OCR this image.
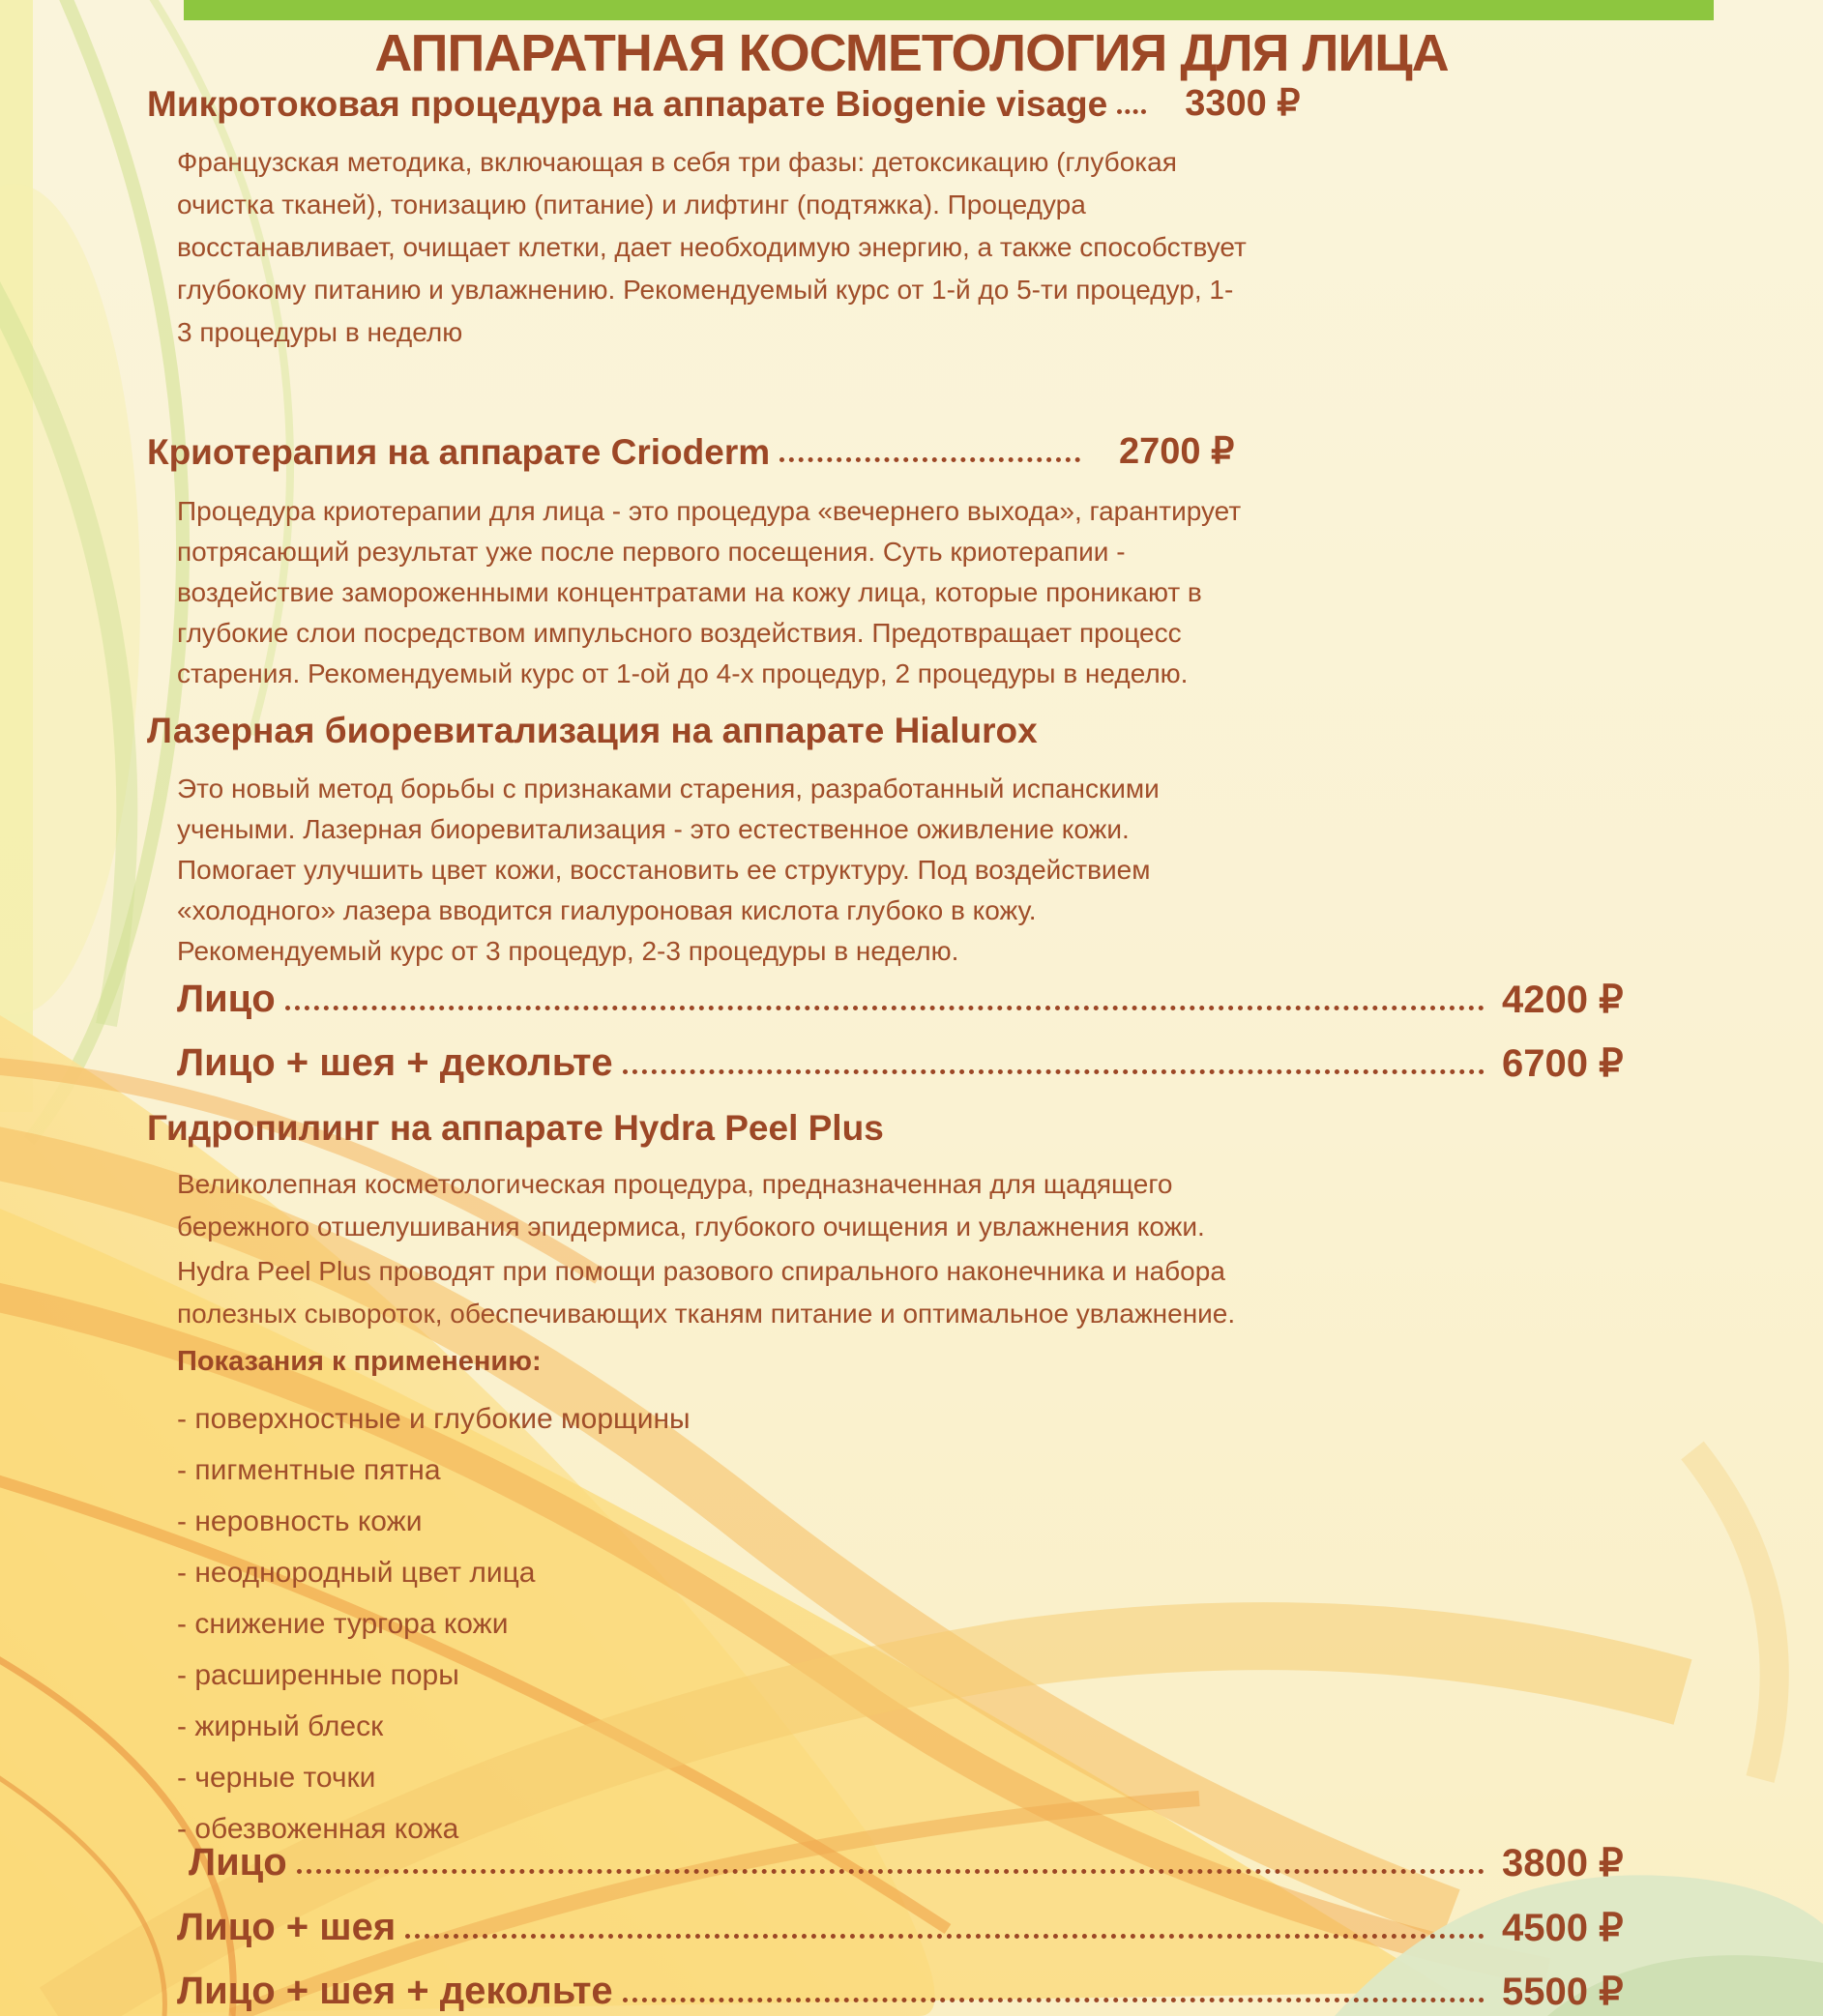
АППАРАТНАЯ КОСМЕТОЛОГИЯ ДЛЯ ЛИЦА
Микротоковая процедура на аппарате Biogenie visage 3300 ₽
Французская методика, включающая в себя три фазы: детоксикацию (глубокая
очистка тканей), тонизацию (питание) и лифтинг (подтяжка). Процедура
восстанавливает, очищает клетки, дает необходимую энергию, а также способствует
глубокому питанию и увлажнению. Рекомендуемый курс от 1-й до 5-ти процедур, 1-
3 процедуры в неделю
Криотерапия на аппарате Crioderm	2700 ₽
Процедура криотерапии для лица - это процедура «вечернего выхода», гарантирует
потрясающий результат уже после первого посещения. Суть криотерапии -
воздействие замороженными концентратами на кожу лица, которые проникают в
глубокие слои посредством импульсного воздействия. Предотвращает процесс
старения. Рекомендуемый курс от 1-ой до 4-х процедур, 2 процедуры в неделю.
Лазерная биоревитализация на аппарате Hialurox
Это новый метод борьбы с признаками старения, разработанный испанскими
учеными. Лазерная биоревитализация - это естественное оживление кожи.
Помогает улучшить цвет кожи, восстановить ее структуру. Под воздействием
«холодного» лазера вводится гиалуроновая кислота глубоко в кожу.
Рекомендуемый курс от 3 процедур, 2-3 процедуры в неделю.
Лицо	4200 ₽
Лицо + шея + декольте	6700 ₽
Гидропилинг на аппарате Hydra Peel Plus
Великолепная косметологическая процедура, предназначенная для щадящего
бережного отшелушивания эпидермиса, глубокого очищения и увлажнения кожи.
Hydra Peel Plus проводят при помощи разового спирального наконечника и набора
полезных сывороток, обеспечивающих тканям питание и оптимальное увлажнение.
Показания к применению:
- поверхностные и глубокие морщины
- пигментные пятна
- неровность кожи
- неоднородный цвет лица
- снижение тургора кожи
- расширенные поры
- жирный блеск
- черные точки
- обезвоженная кожа
Лицо	3800 ₽
Лицо + шея	4500 ₽
Лицо + шея + декольте	5500 ₽
